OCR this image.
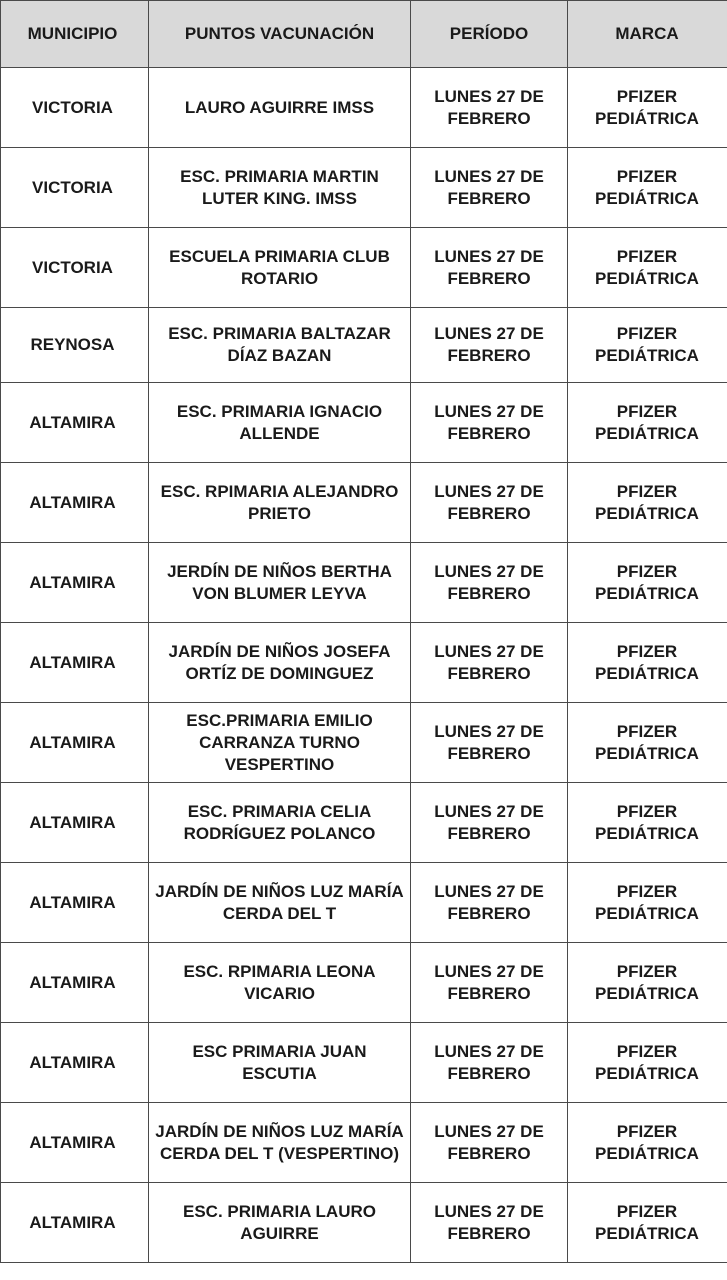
MUNICIPIO	PUNTOS VACUNACIÓN	PERÍODO	MARCA
VICTORIA	LAURO AGUIRRE IMSS	LUNES 27 DE FEBRERO	PFIZER PEDIÁTRICA
VICTORIA	ESC. PRIMARIA MARTIN LUTER KING. IMSS	LUNES 27 DE FEBRERO	PFIZER PEDIÁTRICA
VICTORIA	ESCUELA PRIMARIA CLUB ROTARIO	LUNES 27 DE FEBRERO	PFIZER PEDIÁTRICA
REYNOSA	ESC. PRIMARIA BALTAZAR DÍAZ BAZAN	LUNES 27 DE FEBRERO	PFIZER PEDIÁTRICA
ALTAMIRA	ESC. PRIMARIA IGNACIO ALLENDE	LUNES 27 DE FEBRERO	PFIZER PEDIÁTRICA
ALTAMIRA	ESC. RPIMARIA ALEJANDRO PRIETO	LUNES 27 DE FEBRERO	PFIZER PEDIÁTRICA
ALTAMIRA	JERDÍN DE NIÑOS BERTHA VON BLUMER LEYVA	LUNES 27 DE FEBRERO	PFIZER PEDIÁTRICA
ALTAMIRA	JARDÍN DE NIÑOS JOSEFA ORTÍZ DE DOMINGUEZ	LUNES 27 DE FEBRERO	PFIZER PEDIÁTRICA
ALTAMIRA	ESC.PRIMARIA EMILIO CARRANZA TURNO VESPERTINO	LUNES 27 DE FEBRERO	PFIZER PEDIÁTRICA
ALTAMIRA	ESC. PRIMARIA CELIA RODRÍGUEZ POLANCO	LUNES 27 DE FEBRERO	PFIZER PEDIÁTRICA
ALTAMIRA	JARDÍN DE NIÑOS LUZ MARÍA CERDA DEL T	LUNES 27 DE FEBRERO	PFIZER PEDIÁTRICA
ALTAMIRA	ESC. RPIMARIA LEONA VICARIO	LUNES 27 DE FEBRERO	PFIZER PEDIÁTRICA
ALTAMIRA	ESC PRIMARIA JUAN ESCUTIA	LUNES 27 DE FEBRERO	PFIZER PEDIÁTRICA
ALTAMIRA	JARDÍN DE NIÑOS LUZ MARÍA CERDA DEL T (VESPERTINO)	LUNES 27 DE FEBRERO	PFIZER PEDIÁTRICA
ALTAMIRA	ESC. PRIMARIA LAURO AGUIRRE	LUNES 27 DE FEBRERO	PFIZER PEDIÁTRICA
